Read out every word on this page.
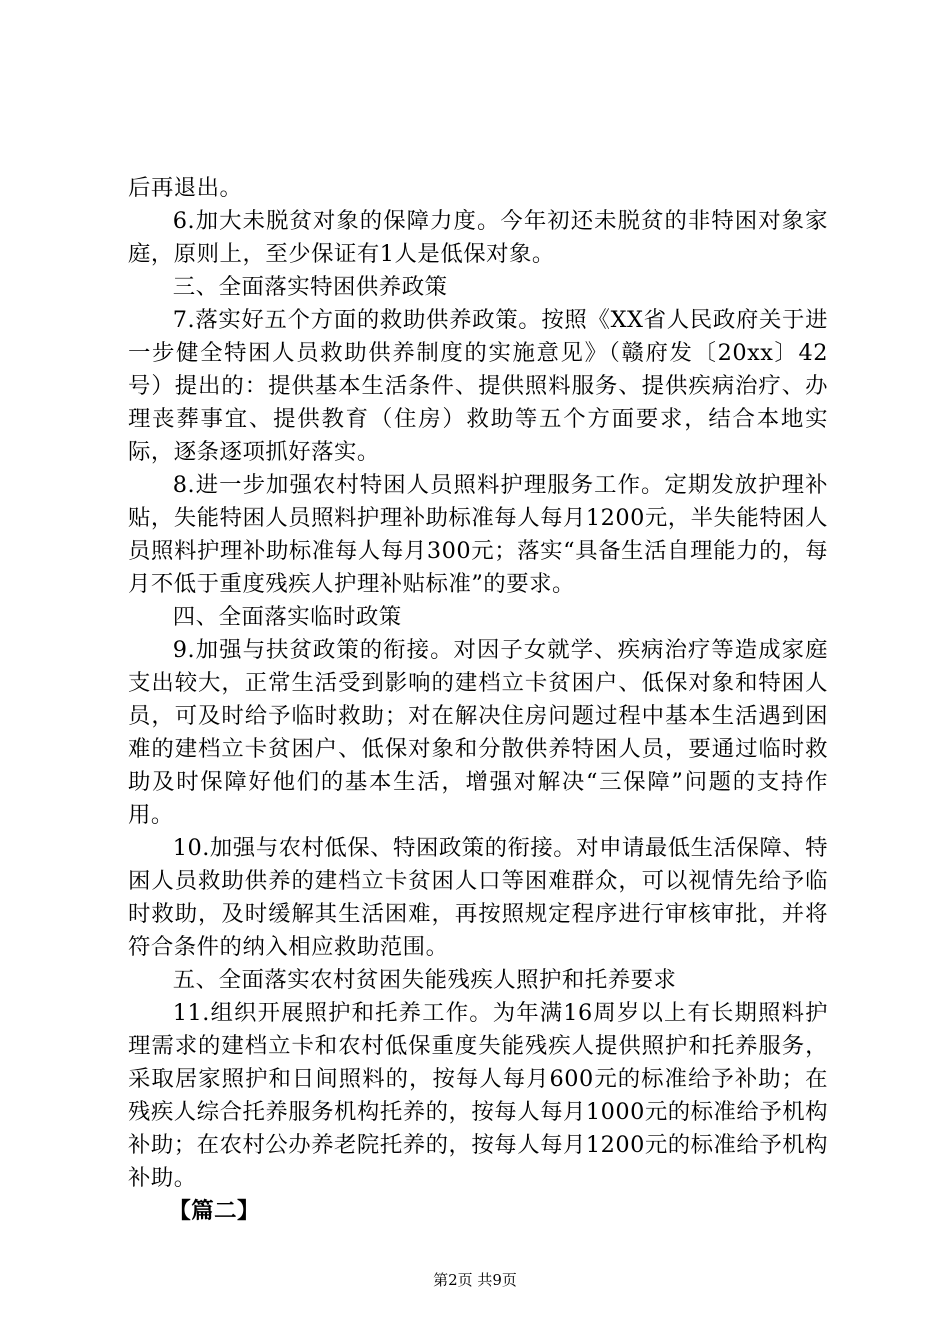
后再退出。

6.加大未脱贫对象的保障力度。今年初还未脱贫的非特困对象家庭，原则上，至少保证有1人是低保对象。

三、全面落实特困供养政策

7.落实好五个方面的救助供养政策。按照《XX省人民政府关于进一步健全特困人员救助供养制度的实施意见》（赣府发〔20xx〕42号）提出的：提供基本生活条件、提供照料服务、提供疾病治疗、办理丧葬事宜、提供教育（住房）救助等五个方面要求，结合本地实际，逐条逐项抓好落实。

8.进一步加强农村特困人员照料护理服务工作。定期发放护理补贴，失能特困人员照料护理补助标准每人每月1200元，半失能特困人员照料护理补助标准每人每月300元；落实“具备生活自理能力的，每月不低于重度残疾人护理补贴标准”的要求。

四、全面落实临时政策

9.加强与扶贫政策的衔接。对因子女就学、疾病治疗等造成家庭支出较大，正常生活受到影响的建档立卡贫困户、低保对象和特困人员，可及时给予临时救助；对在解决住房问题过程中基本生活遇到困难的建档立卡贫困户、低保对象和分散供养特困人员，要通过临时救助及时保障好他们的基本生活，增强对解决“三保障”问题的支持作用。

10.加强与农村低保、特困政策的衔接。对申请最低生活保障、特困人员救助供养的建档立卡贫困人口等困难群众，可以视情先给予临时救助，及时缓解其生活困难，再按照规定程序进行审核审批，并将符合条件的纳入相应救助范围。

五、全面落实农村贫困失能残疾人照护和托养要求

11.组织开展照护和托养工作。为年满16周岁以上有长期照料护理需求的建档立卡和农村低保重度失能残疾人提供照护和托养服务，采取居家照护和日间照料的，按每人每月600元的标准给予补助；在残疾人综合托养服务机构托养的，按每人每月1000元的标准给予机构补助；在农村公办养老院托养的，按每人每月1200元的标准给予机构补助。

【篇二】

第2页 共9页
